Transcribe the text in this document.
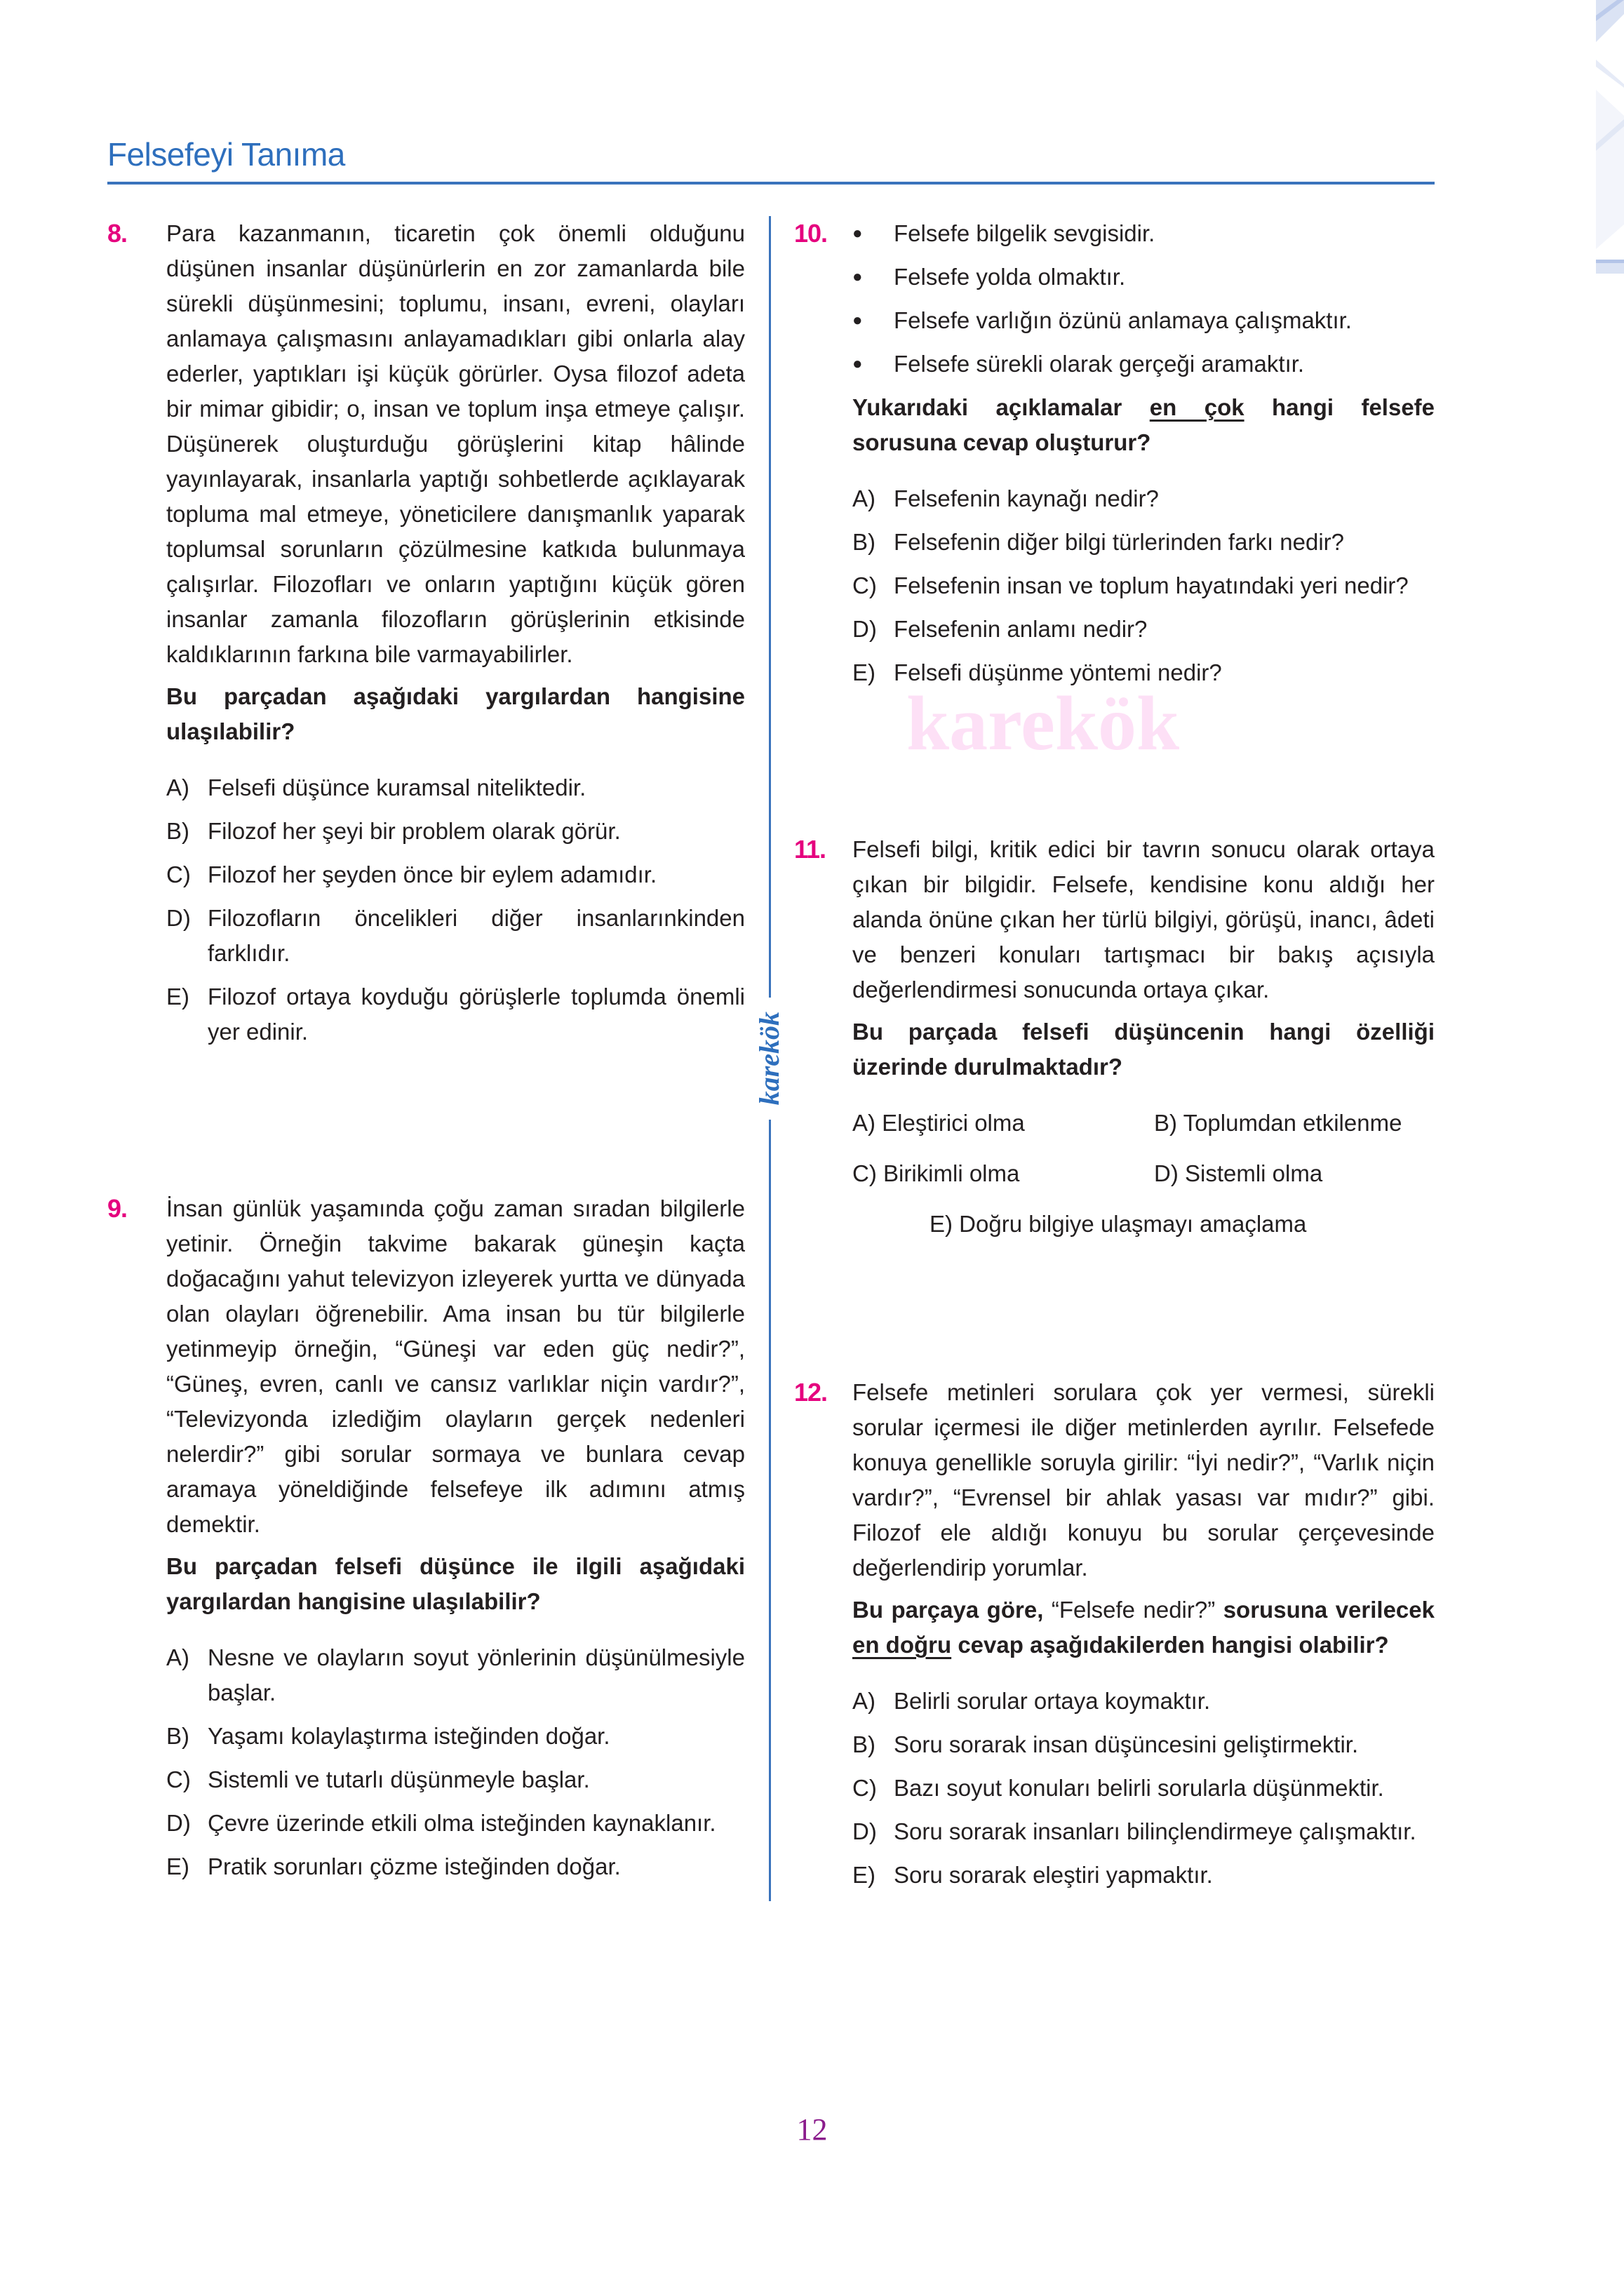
Felsefeyi Tanıma
8.	Para kazanmanın, ticaretin çok önemli olduğunu düşünen insanlar düşünürlerin en zor zamanlarda bile sürekli düşünmesini; toplumu, insanı, evreni, olayları anlamaya çalışmasını anlayamadıkları gibi onlarla alay ederler, yaptıkları işi küçük görürler. Oysa filozof adeta bir mimar gibidir; o, insan ve toplum inşa etmeye çalışır. Düşünerek oluşturduğu görüşlerini kitap hâlinde yayınlayarak, insanlarla yaptığı sohbetlerde açıklayarak topluma mal etmeye, yöneticilere danışmanlık yaparak toplumsal sorunların çözülmesine katkıda bulunmaya çalışırlar. Filozofları ve onların yaptığını küçük gören insanlar zamanla filozofların görüşlerinin etkisinde kaldıklarının farkına bile varmayabilirler.

Bu parçadan aşağıdaki yargılardan hangisine ulaşılabilir?

A) Felsefi düşünce kuramsal niteliktedir.
B) Filozof her şeyi bir problem olarak görür.
C) Filozof her şeyden önce bir eylem adamıdır.
D) Filozofların öncelikleri diğer insanlarınkinden farklıdır.
E) Filozof ortaya koyduğu görüşlerle toplumda önemli yer edinir.
9.	İnsan günlük yaşamında çoğu zaman sıradan bilgilerle yetinir. Örneğin takvime bakarak güneşin kaçta doğacağını yahut televizyon izleyerek yurtta ve dünyada olan olayları öğrenebilir. Ama insan bu tür bilgilerle yetinmeyip örneğin, “Güneşi var eden güç nedir?”, “Güneş, evren, canlı ve cansız varlıklar niçin vardır?”, “Televizyonda izlediğim olayların gerçek nedenleri nelerdir?” gibi sorular sormaya ve bunlara cevap aramaya yöneldiğinde felsefeye ilk adımını atmış demektir.

Bu parçadan felsefi düşünce ile ilgili aşağıdaki yargılardan hangisine ulaşılabilir?

A) Nesne ve olayların soyut yönlerinin düşünülmesiyle başlar.
B) Yaşamı kolaylaştırma isteğinden doğar.
C) Sistemli ve tutarlı düşünmeyle başlar.
D) Çevre üzerinde etkili olma isteğinden kaynaklanır.
E) Pratik sorunları çözme isteğinden doğar.
karekök
10.	●	Felsefe bilgelik sevgisidir.
●	Felsefe yolda olmaktır.
●	Felsefe varlığın özünü anlamaya çalışmaktır.
●	Felsefe sürekli olarak gerçeği aramaktır.

Yukarıdaki açıklamalar en çok hangi felsefe sorusuna cevap oluşturur?

A) Felsefenin kaynağı nedir?
B) Felsefenin diğer bilgi türlerinden farkı nedir?
C) Felsefenin insan ve toplum hayatındaki yeri nedir?
D) Felsefenin anlamı nedir?
E) Felsefi düşünme yöntemi nedir?
karekök
11.	Felsefi bilgi, kritik edici bir tavrın sonucu olarak ortaya çıkan bir bilgidir. Felsefe, kendisine konu aldığı her alanda önüne çıkan her türlü bilgiyi, görüşü, inancı, âdeti ve benzeri konuları tartışmacı bir bakış açısıyla değerlendirmesi sonucunda ortaya çıkar.

Bu parçada felsefi düşüncenin hangi özelliği üzerinde durulmaktadır?

A) Eleştirici olma	B) Toplumdan etkilenme
C) Birikimli olma	D) Sistemli olma
E) Doğru bilgiye ulaşmayı amaçlama
12.	Felsefe metinleri sorulara çok yer vermesi, sürekli sorular içermesi ile diğer metinlerden ayrılır. Felsefede konuya genellikle soruyla girilir: “İyi nedir?”, “Varlık niçin vardır?”, “Evrensel bir ahlak yasası var mıdır?” gibi. Filozof ele aldığı konuyu bu sorular çerçevesinde değerlendirip yorumlar.

Bu parçaya göre, “Felsefe nedir?” sorusuna verilecek en doğru cevap aşağıdakilerden hangisi olabilir?

A) Belirli sorular ortaya koymaktır.
B) Soru sorarak insan düşüncesini geliştirmektir.
C) Bazı soyut konuları belirli sorularla düşünmektir.
D) Soru sorarak insanları bilinçlendirmeye çalışmaktır.
E) Soru sorarak eleştiri yapmaktır.
12
